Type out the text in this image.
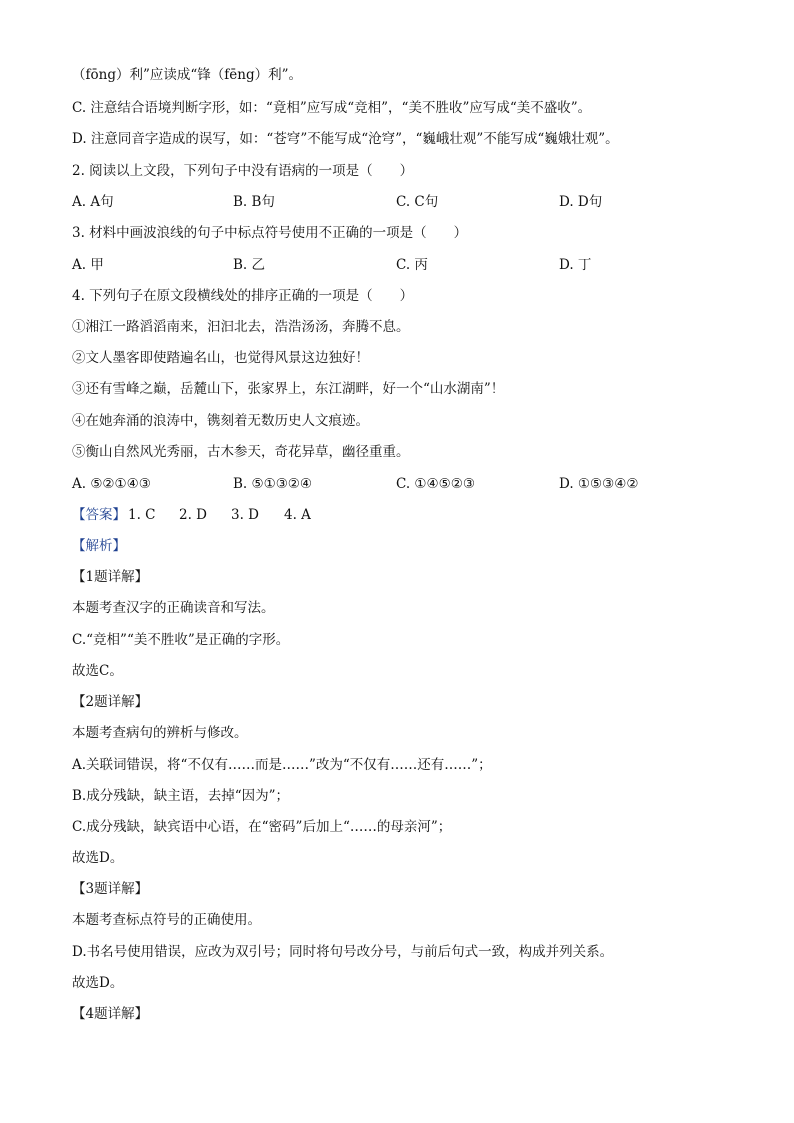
（fōng）利”应读成“锋（fēng）利”。
C. 注意结合语境判断字形，如：“竟相”应写成“竞相”，“美不胜收”应写成“美不盛收”。
D. 注意同音字造成的误写，如：“苍穹”不能写成“沧穹”，“巍峨壮观”不能写成“巍娥壮观”。
2. 阅读以上文段，下列句子中没有语病的一项是（　　）
A. A句	B. B句	C. C句	D. D句
3. 材料中画波浪线的句子中标点符号使用不正确的一项是（　　）
A. 甲	B. 乙	C. 丙	D. 丁
4. 下列句子在原文段横线处的排序正确的一项是（　　）
①湘江一路滔滔南来，汩汩北去，浩浩汤汤，奔腾不息。
②文人墨客即使踏遍名山，也觉得风景这边独好！
③还有雪峰之巅，岳麓山下，张家界上，东江湖畔，好一个“山水湖南”！
④在她奔涌的浪涛中，镌刻着无数历史人文痕迹。
⑤衡山自然风光秀丽，古木参天，奇花异草，幽径重重。
A. ⑤②①④③	B. ⑤①③②④	C. ①④⑤②③	D. ①⑤③④②
【答案】 1. C 2. D 3. D 4. A
【解析】
【1题详解】
本题考查汉字的正确读音和写法。
C.“竞相”“美不胜收”是正确的字形。
故选C。
【2题详解】
本题考查病句的辨析与修改。
A.关联词错误，将“不仅有……而是……”改为“不仅有……还有……”；
B.成分残缺，缺主语，去掉“因为”；
C.成分残缺，缺宾语中心语，在“密码”后加上“……的母亲河”；
故选D。
【3题详解】
本题考查标点符号的正确使用。
D.书名号使用错误，应改为双引号；同时将句号改分号，与前后句式一致，构成并列关系。
故选D。
【4题详解】
